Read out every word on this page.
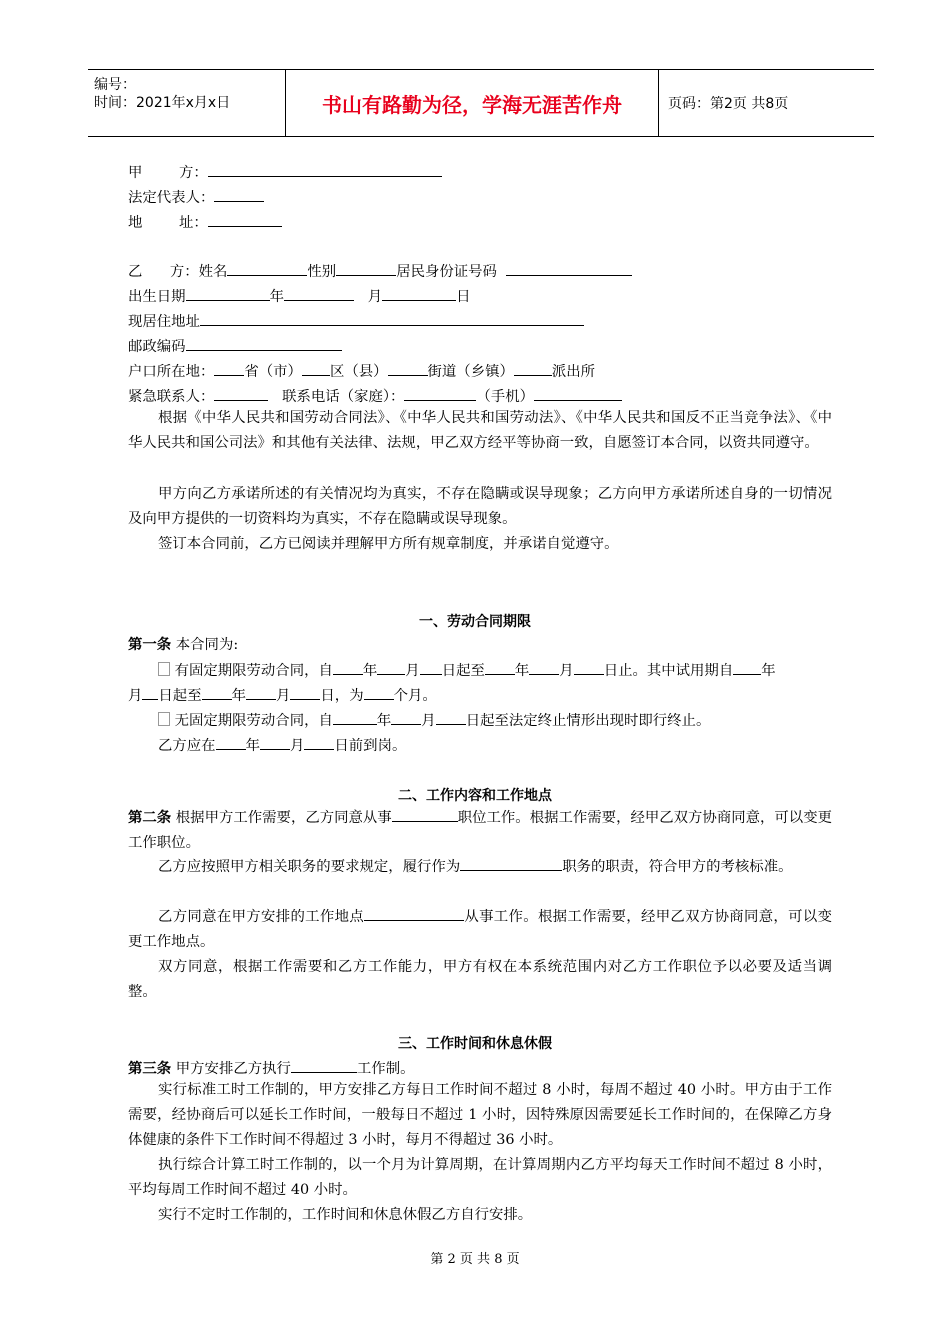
编号：
时间：2021年x月x日	书山有路勤为径，学海无涯苦作舟	页码：第2页 共8页
甲        方：
法定代表人：
地        址：
乙      方：姓名	性别	居民身份证号码
出生日期	年	月	日
现居住地址
邮政编码
户口所在地： 省（市） 区（县）	街道（乡镇）	派出所
紧急联系人：	联系电话（家庭）：	（手机）
根据《中华人民共和国劳动合同法》、《中华人民共和国劳动法》、《中华人民共和国反不正当竞争法》、《中华人民共和国公司法》和其他有关法律、法规，甲乙双方经平等协商一致，自愿签订本合同，以资共同遵守。
甲方向乙方承诺所述的有关情况均为真实，不存在隐瞒或误导现象；乙方向甲方承诺所述自身的一切情况及向甲方提供的一切资料均为真实，不存在隐瞒或误导现象。
签订本合同前，乙方已阅读并理解甲方所有规章制度，并承诺自觉遵守。
一、劳动合同期限
第一条 本合同为:
有固定期限劳动合同，自 年 月 日起至 年 月 日止。其中试用期自 年
月 日起至 年 月 日，为 个月。
无固定期限劳动合同，自	年 月 日起至法定终止情形出现时即行终止。
乙方应在 年 月 日前到岗。
二、工作内容和工作地点
第二条 根据甲方工作需要，乙方同意从事	职位工作。根据工作需要，经甲乙双方协商同意，可以变更工作职位。
乙方应按照甲方相关职务的要求规定，履行作为	职务的职责，符合甲方的考核标准。
乙方同意在甲方安排的工作地点	从事工作。根据工作需要，经甲乙双方协商同意，可以变更工作地点。
双方同意，根据工作需要和乙方工作能力，甲方有权在本系统范围内对乙方工作职位予以必要及适当调整。
三、工作时间和休息休假
第三条 甲方安排乙方执行	工作制。
实行标准工时工作制的，甲方安排乙方每日工作时间不超过 8 小时，每周不超过 40 小时。甲方由于工作需要，经协商后可以延长工作时间，一般每日不超过 1 小时，因特殊原因需要延长工作时间的，在保障乙方身体健康的条件下工作时间不得超过 3 小时，每月不得超过 36 小时。
执行综合计算工时工作制的，以一个月为计算周期，在计算周期内乙方平均每天工作时间不超过 8 小时，平均每周工作时间不超过 40 小时。
实行不定时工作制的，工作时间和休息休假乙方自行安排。
第 2 页 共 8 页
